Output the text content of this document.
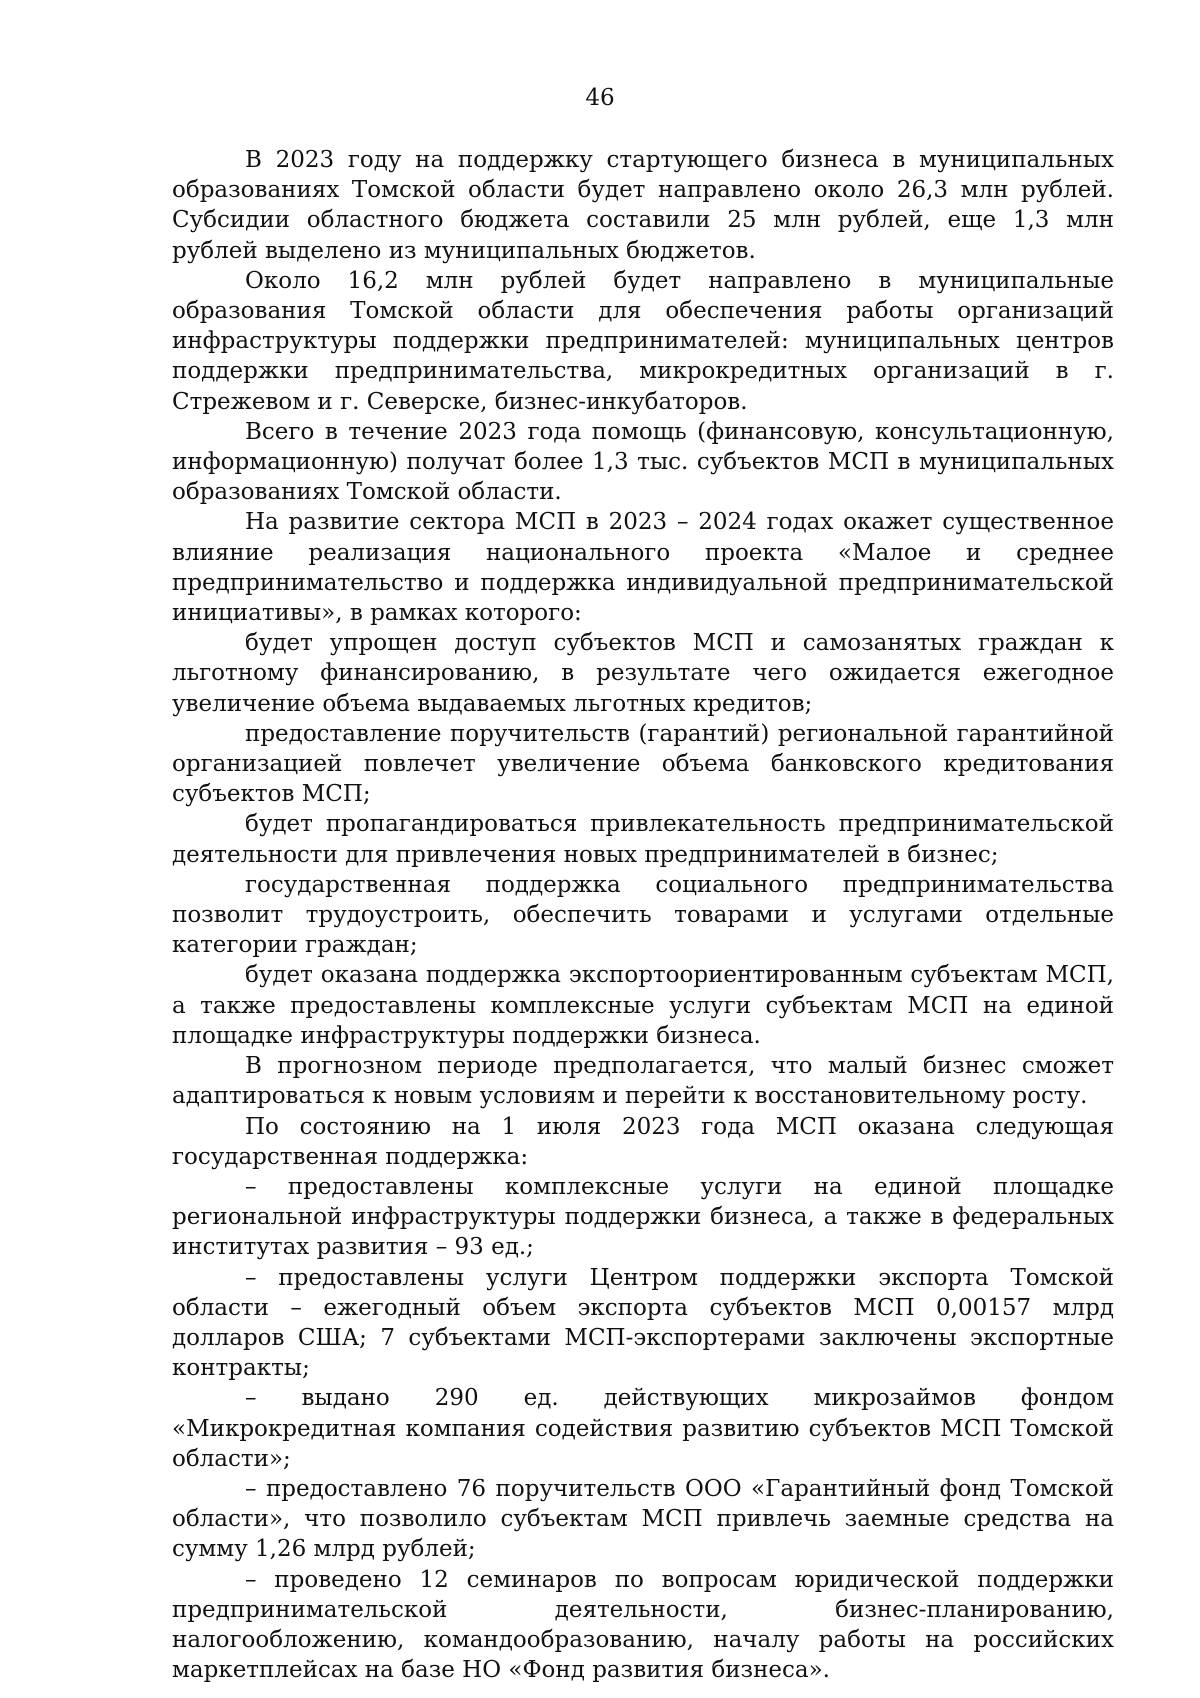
46

В 2023 году на поддержку стартующего бизнеса в муниципальных образованиях Томской области будет направлено около 26,3 млн рублей. Субсидии областного бюджета составили 25 млн рублей, еще 1,3 млн рублей выделено из муниципальных бюджетов.

Около 16,2 млн рублей будет направлено в муниципальные образования Томской области для обеспечения работы организаций инфраструктуры поддержки предпринимателей: муниципальных центров поддержки предпринимательства, микрокредитных организаций в г. Стрежевом и г. Северске, бизнес-инкубаторов.

Всего в течение 2023 года помощь (финансовую, консультационную, информационную) получат более 1,3 тыс. субъектов МСП в муниципальных образованиях Томской области.

На развитие сектора МСП в 2023 – 2024 годах окажет существенное влияние реализация национального проекта «Малое и среднее предпринимательство и поддержка индивидуальной предпринимательской инициативы», в рамках которого:

будет упрощен доступ субъектов МСП и самозанятых граждан к льготному финансированию, в результате чего ожидается ежегодное увеличение объема выдаваемых льготных кредитов;

предоставление поручительств (гарантий) региональной гарантийной организацией повлечет увеличение объема банковского кредитования субъектов МСП;

будет пропагандироваться привлекательность предпринимательской деятельности для привлечения новых предпринимателей в бизнес;

государственная поддержка социального предпринимательства позволит трудоустроить, обеспечить товарами и услугами отдельные категории граждан;

будет оказана поддержка экспортоориентированным субъектам МСП, а также предоставлены комплексные услуги субъектам МСП на единой площадке инфраструктуры поддержки бизнеса.

В прогнозном периоде предполагается, что малый бизнес сможет адаптироваться к новым условиям и перейти к восстановительному росту.

По состоянию на 1 июля 2023 года МСП оказана следующая государственная поддержка:

– предоставлены комплексные услуги на единой площадке региональной инфраструктуры поддержки бизнеса, а также в федеральных институтах развития – 93 ед.;

– предоставлены услуги Центром поддержки экспорта Томской области – ежегодный объем экспорта субъектов МСП 0,00157 млрд долларов США; 7 субъектами МСП-экспортерами заключены экспортные контракты;

– выдано 290 ед. действующих микрозаймов фондом «Микрокредитная компания содействия развитию субъектов МСП Томской области»;

– предоставлено 76 поручительств ООО «Гарантийный фонд Томской области», что позволило субъектам МСП привлечь заемные средства на сумму 1,26 млрд рублей;

– проведено 12 семинаров по вопросам юридической поддержки предпринимательской деятельности, бизнес-планированию, налогообложению, командообразованию, началу работы на российских маркетплейсах на базе НО «Фонд развития бизнеса».
